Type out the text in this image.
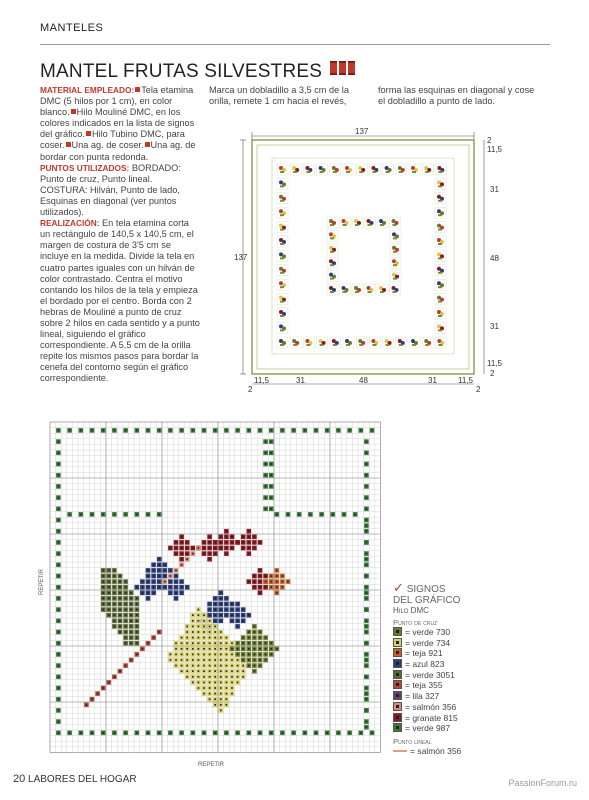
MANTELES
MANTEL FRUTAS SILVESTRES
MATERIAL EMPLEADO: Tela etamina DMC (5 hilos por 1 cm), en color blanco. Hilo Mouliné DMC, en los colores indicados en la lista de signos del gráfico. Hilo Tubino DMC, para coser. Una ag. de coser. Una ag. de bordar con punta redonda.
PUNTOS UTILIZADOS: BORDADO: Punto de cruz, Punto lineal. COSTURA: Hilván, Punto de lado, Esquinas en diagonal (ver puntos utilizados).
REALIZACIÓN: En tela etamina corta un rectángulo de 140,5 x 140,5 cm, el margen de costura de 3'5 cm se incluye en la medida. Divide la tela en cuatro partes iguales con un hilván de color contrastado. Centra el motivo contando los hilos de la tela y empieza el bordado por el centro. Borda con 2 hebras de Mouliné a punto de cruz sobre 2 hilos en cada sentido y a punto lineal, siguiendo el gráfico correspondiente. A 5,5 cm de la orilla repite los mismos pasos para bordar la cenefa del contorno según el gráfico correspondiente.
Marca un dobladillo a 3,5 cm de la orilla, remete 1 cm hacia el revés,
forma las esquinas en diagonal y cose el dobladillo a punto de lado.
137
137
2
11,5
31
48
31
11,5
2
11,5	31	48	31	11,5
2	2
REPETIR
REPETIR
✓ SIGNOS
DEL GRÁFICO
Hilo DMC
Punto de cruz
= verde 730
= verde 734
= teja 921
= azul 823
= verde 3051
= teja 355
= lila 327
= salmón 356
= granate 815
= verde 987
Punto lineal
= salmón 356
20 LABORES DEL HOGAR	PassionForum.ru
